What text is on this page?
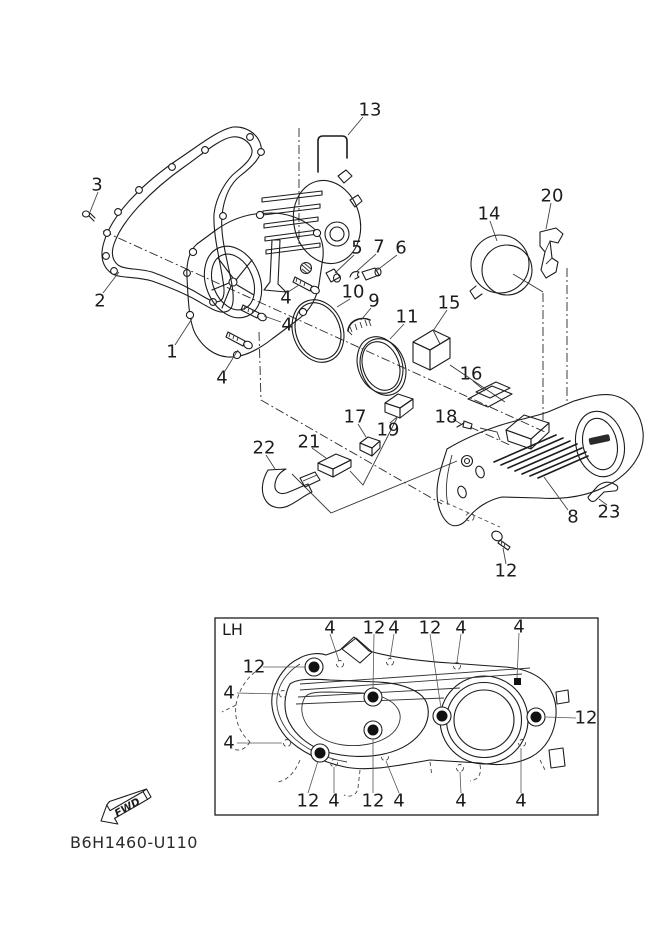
LH
FWD
B6H1460-U110
1
2
3
4
4
4
5 6
7
8
9
10
11
12
13
14
15
16
17	18
19
20
21
22
23
4 12 4 12 4	4
12
4
4
12
12 4 12 4	4	4
